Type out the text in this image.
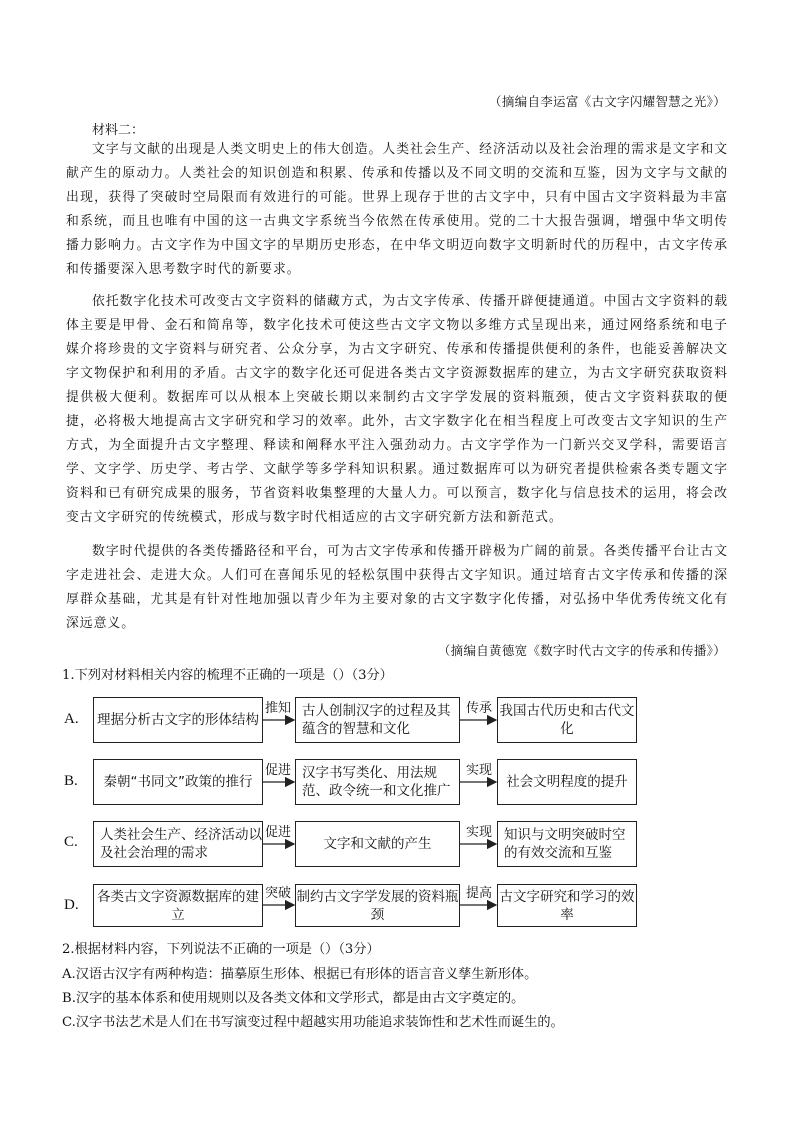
（摘编自李运富《古文字闪耀智慧之光》）
材料二：
文字与文献的出现是人类文明史上的伟大创造。人类社会生产、经济活动以及社会治理的需求是文字和文献产生的原动力。人类社会的知识创造和积累、传承和传播以及不同文明的交流和互鉴，因为文字与文献的出现，获得了突破时空局限而有效进行的可能。世界上现存于世的古文字中，只有中国古文字资料最为丰富和系统，而且也唯有中国的这一古典文字系统当今依然在传承使用。党的二十大报告强调，增强中华文明传播力影响力。古文字作为中国文字的早期历史形态，在中华文明迈向数字文明新时代的历程中，古文字传承和传播要深入思考数字时代的新要求。
依托数字化技术可改变古文字资料的储藏方式，为古文字传承、传播开辟便捷通道。中国古文字资料的载体主要是甲骨、金石和简帛等，数字化技术可使这些古文字文物以多维方式呈现出来，通过网络系统和电子媒介将珍贵的文字资料与研究者、公众分享，为古文字研究、传承和传播提供便利的条件，也能妥善解决文字文物保护和利用的矛盾。古文字的数字化还可促进各类古文字资源数据库的建立，为古文字研究获取资料提供极大便利。数据库可以从根本上突破长期以来制约古文字学发展的资料瓶颈，使古文字资料获取的便捷，必将极大地提高古文字研究和学习的效率。此外，古文字数字化在相当程度上可改变古文字知识的生产方式，为全面提升古文字整理、释读和阐释水平注入强劲动力。古文字学作为一门新兴交叉学科，需要语言学、文字学、历史学、考古学、文献学等多学科知识积累。通过数据库可以为研究者提供检索各类专题文字资料和已有研究成果的服务，节省资料收集整理的大量人力。可以预言，数字化与信息技术的运用，将会改变古文字研究的传统模式，形成与数字时代相适应的古文字研究新方法和新范式。
数字时代提供的各类传播路径和平台，可为古文字传承和传播开辟极为广阔的前景。各类传播平台让古文字走进社会、走进大众。人们可在喜闻乐见的轻松氛围中获得古文字知识。通过培育古文字传承和传播的深厚群众基础，尤其是有针对性地加强以青少年为主要对象的古文字数字化传播，对弘扬中华优秀传统文化有深远意义。
（摘编自黄德宽《数字时代古文字的传承和传播》）
1.下列对材料相关内容的梳理不正确的一项是（）（3分）
A. 理据分析古文字的形体结构
推知 古人创制汉字的过程及其蕴含的智慧和文化
传承 我国古代历史和古代文化
B.	秦朝“书同文”政策的推行
促进 汉字书写类化、用法规范、政令统一和文化推广
实现
社会文明程度的提升
C.	人类社会生产、经济活动以及社会治理的需求
促进
文字和文献的产生
实现 知识与文明突破时空的有效交流和互鉴
D.
各类古文字资源数据库的建立
突破 制约古文字学发展的资料瓶颈
提高 古文字研究和学习的效率
2.根据材料内容，下列说法不正确的一项是（）（3分）
A.汉语古汉字有两种构造：描摹原生形体、根据已有形体的语言音义孳生新形体。
B.汉字的基本体系和使用规则以及各类文体和文学形式，都是由古文字奠定的。
C.汉字书法艺术是人们在书写演变过程中超越实用功能追求装饰性和艺术性而诞生的。
